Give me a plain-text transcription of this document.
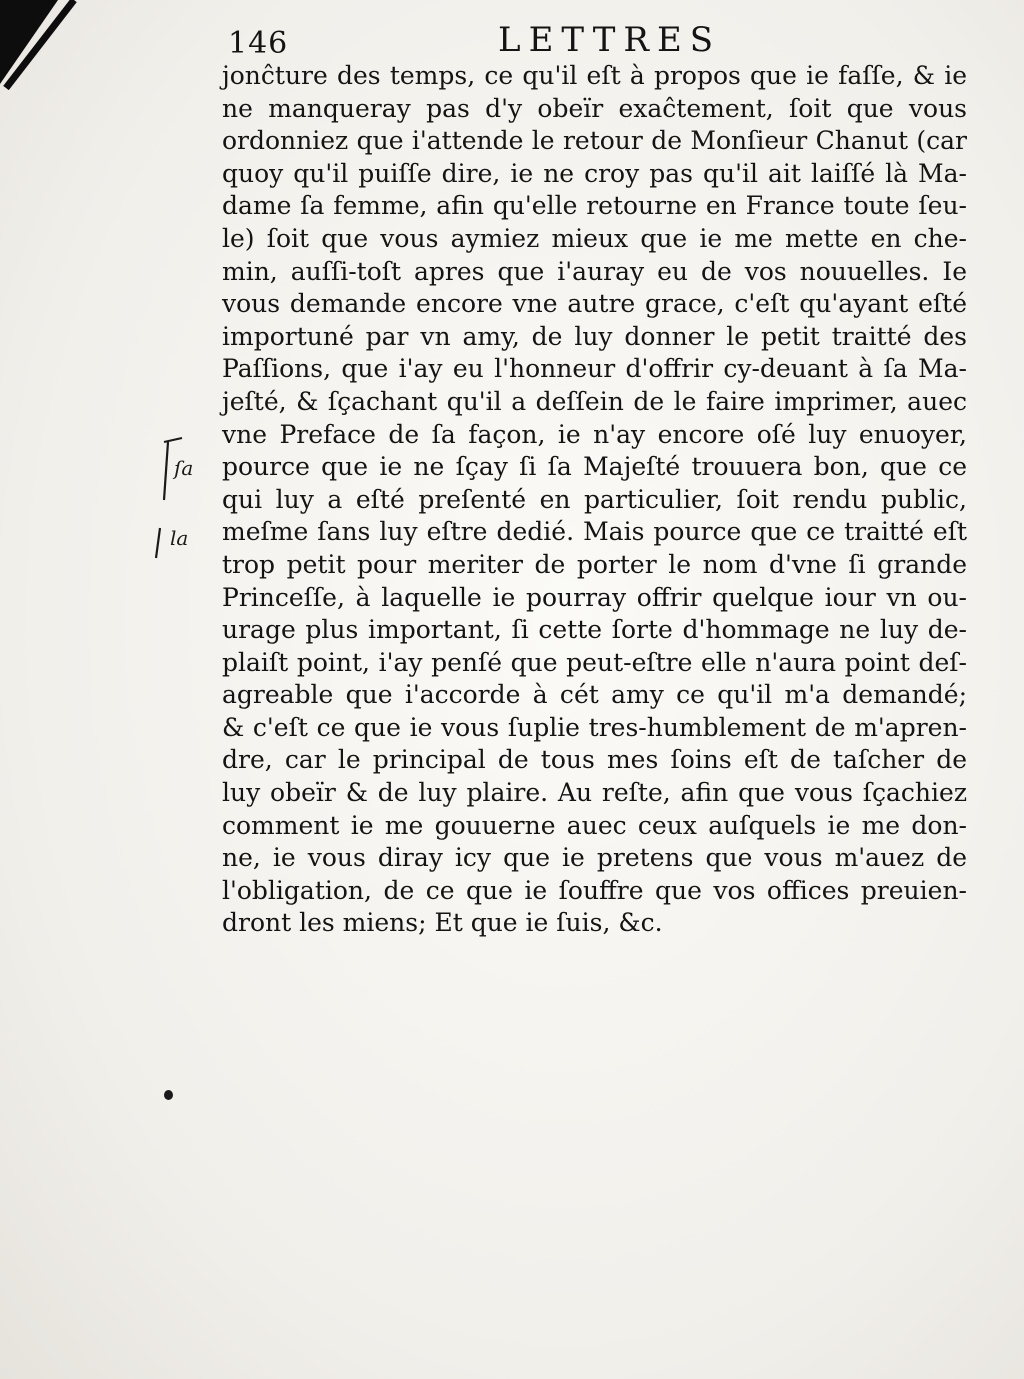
146	LETTRES
jonĉture des temps, ce qu'il eſt à propos que ie faſſe, & ie
ne manqueray pas d'y obeïr exaĉtement, ſoit que vous
ordonniez que i'attende le retour de Monſieur Chanut (car
quoy qu'il puiſſe dire, ie ne croy pas qu'il ait laiſſé là Ma-
dame ſa femme, afin qu'elle retourne en France toute ſeu-
le) ſoit que vous aymiez mieux que ie me mette en che-
min, auſſi-toſt apres que i'auray eu de vos nouuelles. Ie
vous demande encore vne autre grace, c'eſt qu'ayant eſté
importuné par vn amy, de luy donner le petit traitté des
Paſſions, que i'ay eu l'honneur d'offrir cy-deuant à ſa Ma-
jeſté, & ſçachant qu'il a deſſein de le faire imprimer, auec
vne Preface de ſa façon, ie n'ay encore oſé luy enuoyer,
pource que ie ne ſçay ſi ſa Majeſté trouuera bon, que ce
qui luy a eſté preſenté en particulier, ſoit rendu public,
meſme ſans luy eſtre dedié. Mais pource que ce traitté eſt
trop petit pour meriter de porter le nom d'vne ſi grande
Princeſſe, à laquelle ie pourray offrir quelque iour vn ou-
urage plus important, ſi cette ſorte d'hommage ne luy de-
plaiſt point, i'ay penſé que peut-eſtre elle n'aura point deſ-
agreable que i'accorde à cét amy ce qu'il m'a demandé;
& c'eſt ce que ie vous ſuplie tres-humblement de m'apren-
dre, car le principal de tous mes ſoins eſt de taſcher de
luy obeïr & de luy plaire. Au reſte, afin que vous ſçachiez
comment ie me gouuerne auec ceux auſquels ie me don-
ne, ie vous diray icy que ie pretens que vous m'auez de
l'obligation, de ce que ie ſouffre que vos offices preuien-
dront les miens; Et que ie ſuis, &c.
ſa
la
